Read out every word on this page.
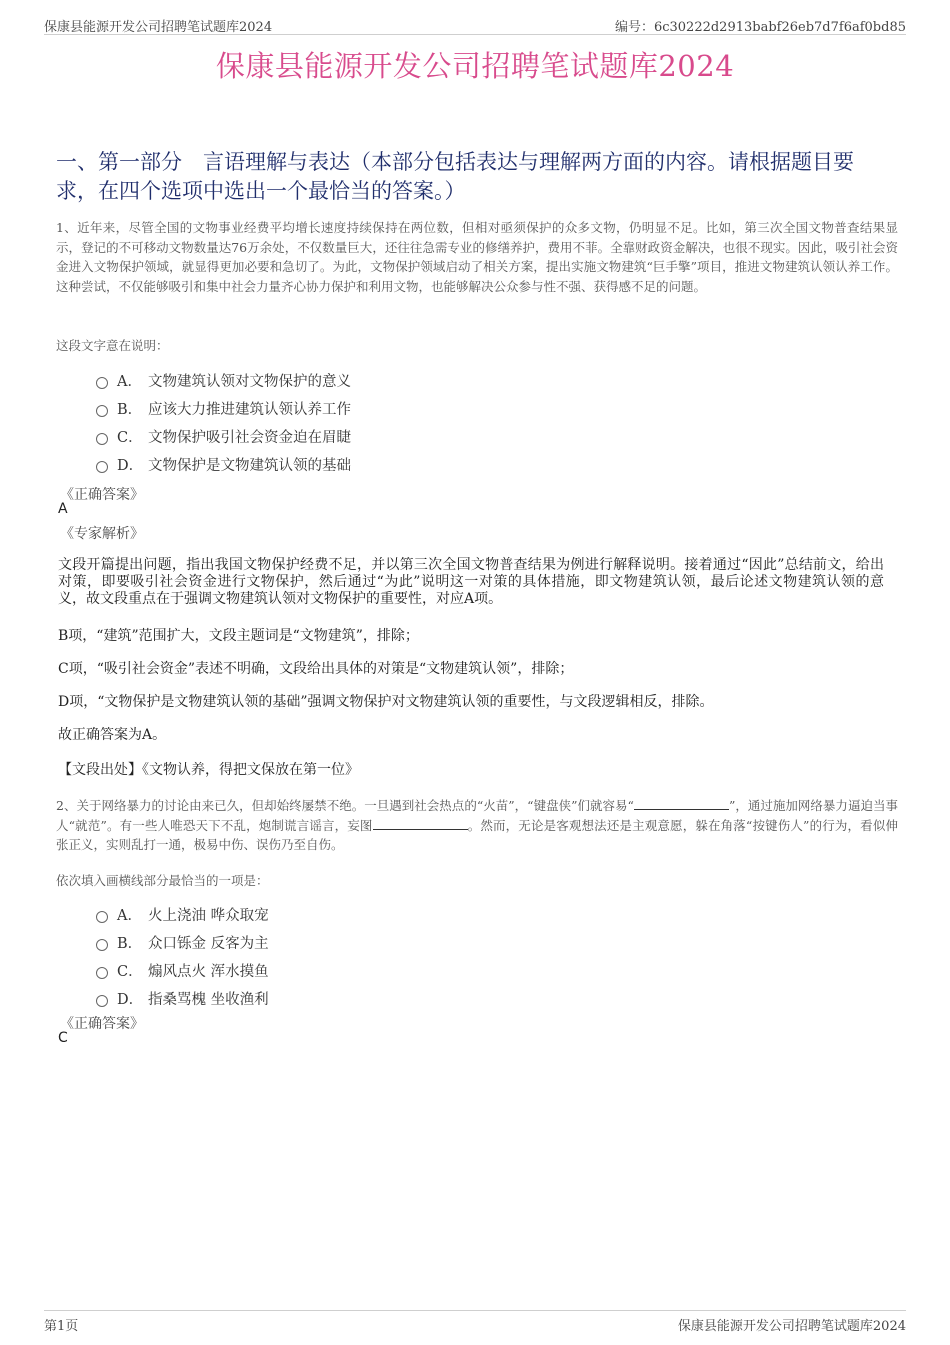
保康县能源开发公司招聘笔试题库2024	编号：6c30222d2913babf26eb7d7f6af0bd85
保康县能源开发公司招聘笔试题库2024
一、第一部分　言语理解与表达（本部分包括表达与理解两方面的内容。请根据题目要求，在四个选项中选出一个最恰当的答案。）
1、近年来，尽管全国的文物事业经费平均增长速度持续保持在两位数，但相对亟须保护的众多文物，仍明显不足。比如，第三次全国文物普查结果显示，登记的不可移动文物数量达76万余处，不仅数量巨大，还往往急需专业的修缮养护，费用不菲。全靠财政资金解决，也很不现实。因此，吸引社会资金进入文物保护领域，就显得更加必要和急切了。为此，文物保护领域启动了相关方案，提出实施文物建筑“巨手擎”项目，推进文物建筑认领认养工作。这种尝试，不仅能够吸引和集中社会力量齐心协力保护和利用文物，也能够解决公众参与性不强、获得感不足的问题。
这段文字意在说明：
A． 文物建筑认领对文物保护的意义
B． 应该大力推进建筑认领认养工作
C． 文物保护吸引社会资金迫在眉睫
D． 文物保护是文物建筑认领的基础
《正确答案》
A
《专家解析》
文段开篇提出问题，指出我国文物保护经费不足，并以第三次全国文物普查结果为例进行解释说明。接着通过“因此”总结前文，给出对策，即要吸引社会资金进行文物保护，然后通过“为此”说明这一对策的具体措施，即文物建筑认领，最后论述文物建筑认领的意义，故文段重点在于强调文物建筑认领对文物保护的重要性，对应A项。
B项，“建筑”范围扩大，文段主题词是“文物建筑”，排除；
C项，“吸引社会资金”表述不明确，文段给出具体的对策是“文物建筑认领”，排除；
D项，“文物保护是文物建筑认领的基础”强调文物保护对文物建筑认领的重要性，与文段逻辑相反，排除。
故正确答案为A。
【文段出处】《文物认养，得把文保放在第一位》
2、关于网络暴力的讨论由来已久，但却始终屡禁不绝。一旦遇到社会热点的“火苗”，“键盘侠”们就容易“	”，通过施加网络暴力逼迫当事人“就范”。有一些人唯恐天下不乱，炮制谎言谣言，妄图	。然而，无论是客观想法还是主观意愿，躲在角落“按键伤人”的行为，看似伸张正义，实则乱打一通，极易中伤、误伤乃至自伤。
依次填入画横线部分最恰当的一项是：
A． 火上浇油 哗众取宠
B． 众口铄金 反客为主
C． 煽风点火 浑水摸鱼
D． 指桑骂槐 坐收渔利
《正确答案》
C
第1页	保康县能源开发公司招聘笔试题库2024
